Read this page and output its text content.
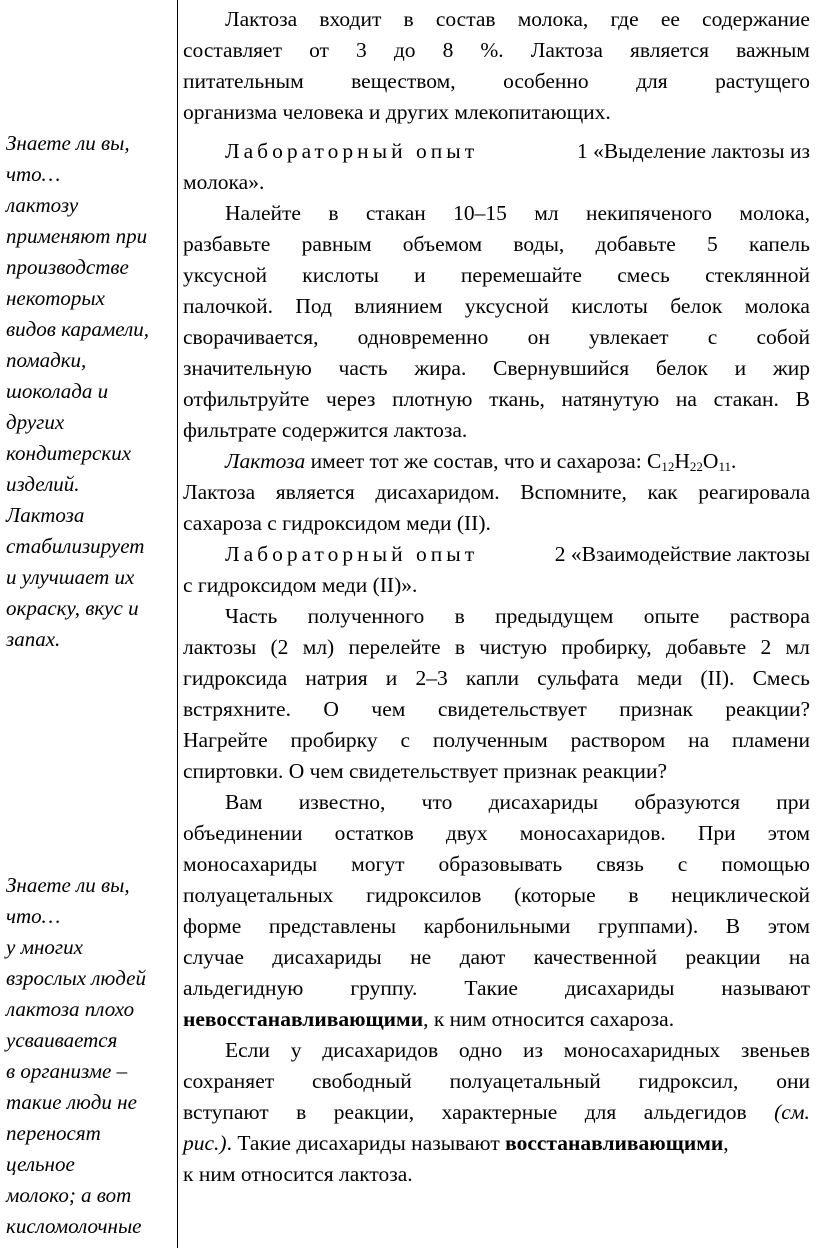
Знаете ли вы,
что…
лактозу
применяют при
производстве
некоторых
видов карамели,
помадки,
шоколада и
других
кондитерских
изделий.
Лактоза
стабилизирует
и улучшает их
окраску, вкус и
запах.
Знаете ли вы,
что…
у многих
взрослых людей
лактоза плохо
усваивается
в организме –
такие люди не
переносят
цельное
молоко; а вот
кисломолочные
Лактоза входит в состав молока, где ее содержание
составляет от 3 до 8 %. Лактоза является важным
питательным веществом, особенно для растущего
организма человека и других млекопитающих.
Лабораторный опыт	1 «Выделение лактозы из
молока».
Налейте в стакан 10–15 мл некипяченого молока,
разбавьте равным объемом воды, добавьте 5 капель
уксусной кислоты и перемешайте смесь стеклянной
палочкой. Под влиянием уксусной кислоты белок молока
сворачивается, одновременно он увлекает с собой
значительную часть жира. Свернувшийся белок и жир
отфильтруйте через плотную ткань, натянутую на стакан. В
фильтрате содержится лактоза.
Лактоза имеет тот же состав, что и сахароза: $C_{12}H_{22}O_{11}$.
Лактоза является дисахаридом. Вспомните, как реагировала
сахароза с гидроксидом меди (II).
Лабораторный опыт	2 «Взаимодействие лактозы
с гидроксидом меди (II)».
Часть полученного в предыдущем опыте раствора
лактозы (2 мл) перелейте в чистую пробирку, добавьте 2 мл
гидроксида натрия и 2–3 капли сульфата меди (II). Смесь
встряхните. О чем свидетельствует признак реакции?
Нагрейте пробирку с полученным раствором на пламени
спиртовки. О чем свидетельствует признак реакции?
Вам известно, что дисахариды образуются при
объединении остатков двух моносахаридов. При этом
моносахариды могут образовывать связь с помощью
полуацетальных гидроксилов (которые в нециклической
форме представлены карбонильными группами). В этом
случае дисахариды не дают качественной реакции на
альдегидную группу. Такие дисахариды называют
невосстанавливающими , к ним относится сахароза.
Если у дисахаридов одно из моносахаридных звеньев
сохраняет свободный полуацетальный гидроксил, они
вступают в реакции, характерные для альдегидов (см.
рис.) . Такие дисахариды называют восстанавливающими ,
к ним относится лактоза.
